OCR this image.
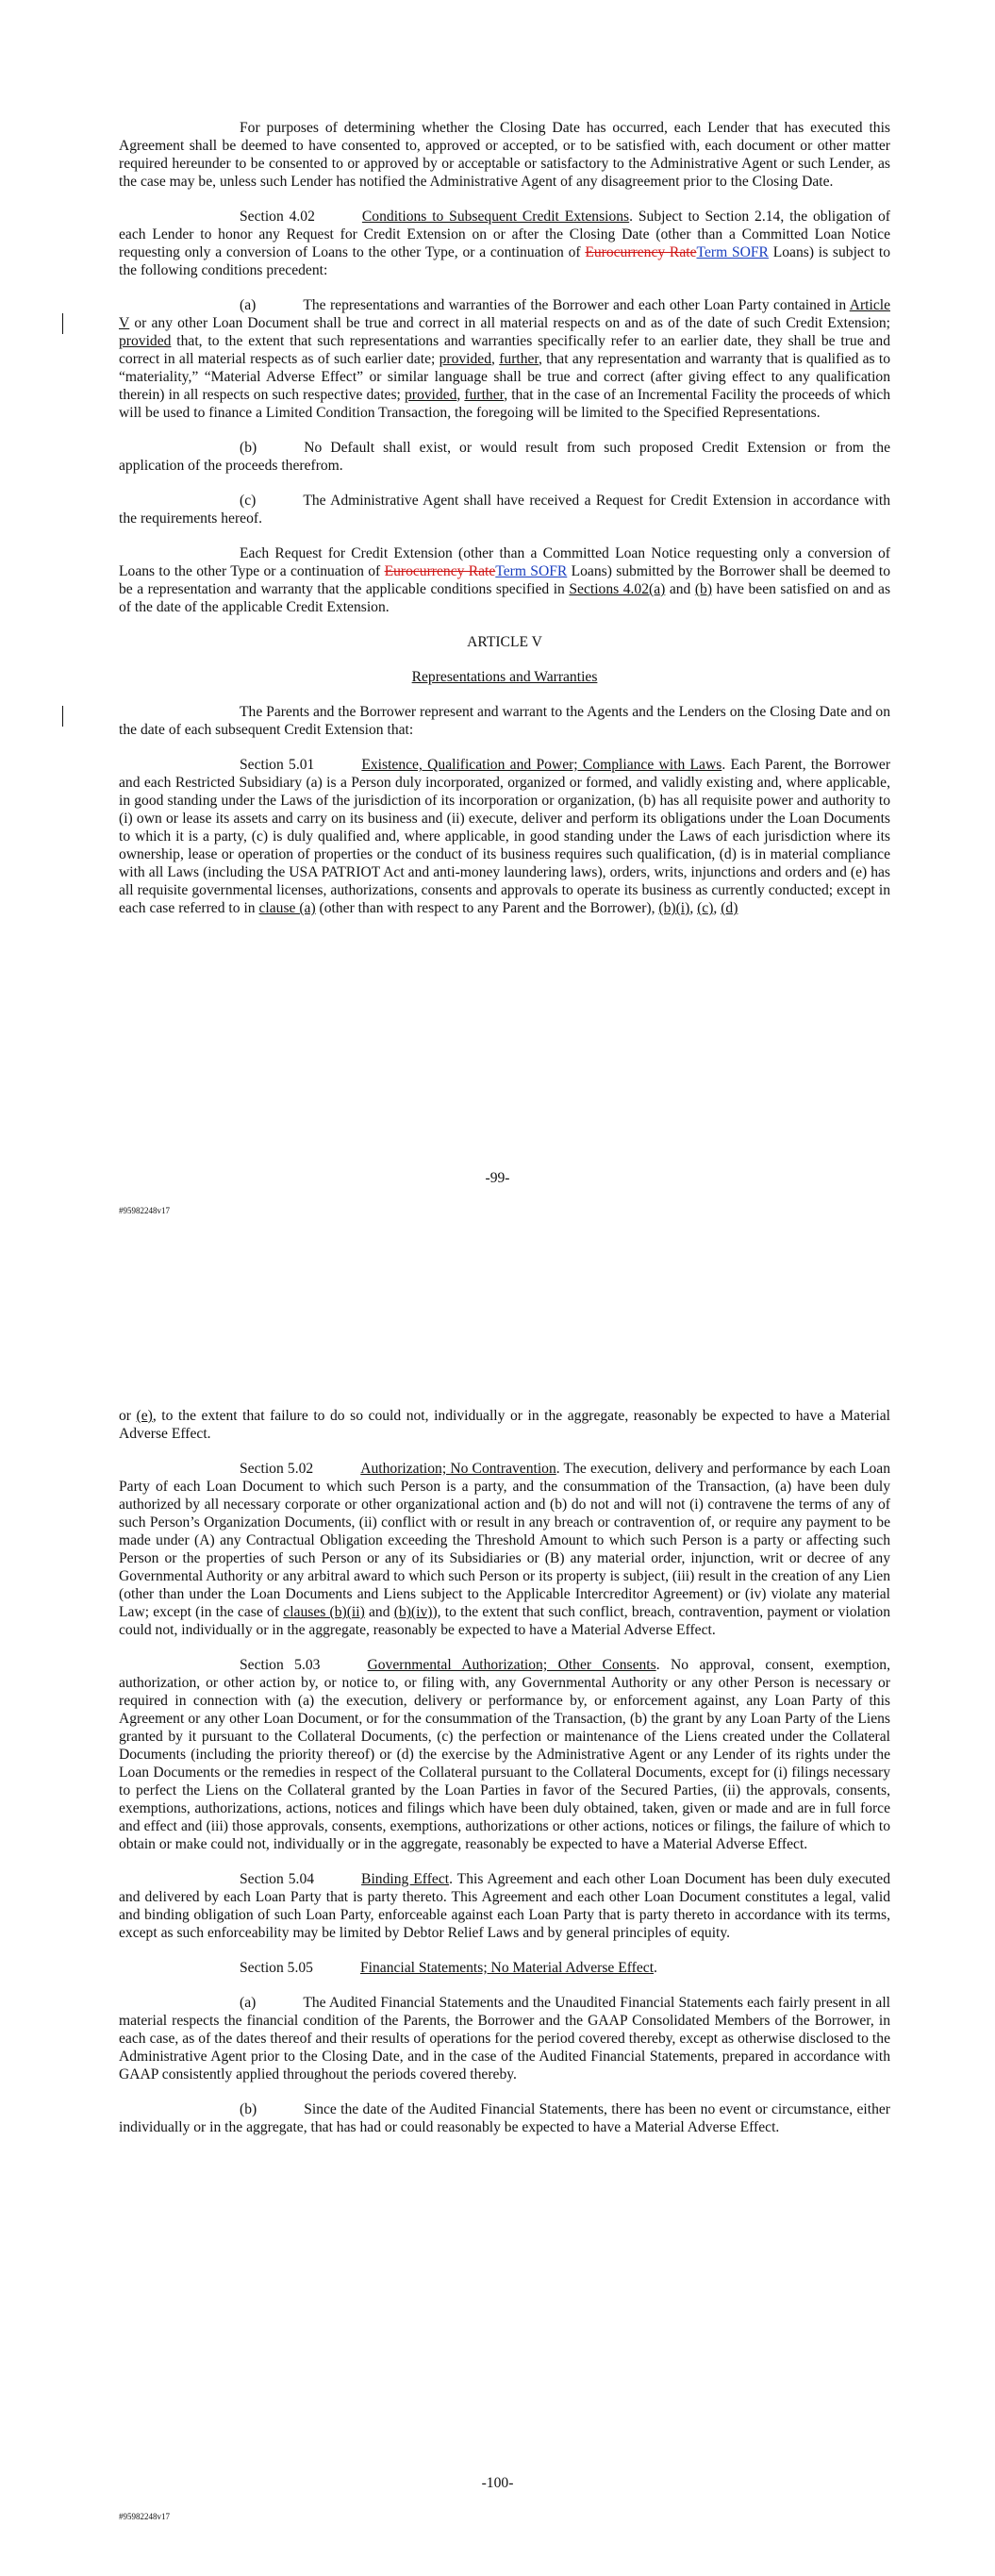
For purposes of determining whether the Closing Date has occurred, each Lender that has executed this Agreement shall be deemed to have consented to, approved or accepted, or to be satisfied with, each document or other matter required hereunder to be consented to or approved by or acceptable or satisfactory to the Administrative Agent or such Lender, as the case may be, unless such Lender has notified the Administrative Agent of any disagreement prior to the Closing Date.

Section 4.02	Conditions to Subsequent Credit Extensions. Subject to Section 2.14, the obligation of each Lender to honor any Request for Credit Extension on or after the Closing Date (other than a Committed Loan Notice requesting only a conversion of Loans to the other Type, or a continuation of Eurocurrency RateTerm SOFR Loans) is subject to the following conditions precedent:

(a)	The representations and warranties of the Borrower and each other Loan Party contained in Article V or any other Loan Document shall be true and correct in all material respects on and as of the date of such Credit Extension; provided that, to the extent that such representations and warranties specifically refer to an earlier date, they shall be true and correct in all material respects as of such earlier date; provided, further, that any representation and warranty that is qualified as to “materiality,” “Material Adverse Effect” or similar language shall be true and correct (after giving effect to any qualification therein) in all respects on such respective dates; provided, further, that in the case of an Incremental Facility the proceeds of which will be used to finance a Limited Condition Transaction, the foregoing will be limited to the Specified Representations.

(b)	No Default shall exist, or would result from such proposed Credit Extension or from the application of the proceeds therefrom.

(c)	The Administrative Agent shall have received a Request for Credit Extension in accordance with the requirements hereof.

Each Request for Credit Extension (other than a Committed Loan Notice requesting only a conversion of Loans to the other Type or a continuation of Eurocurrency RateTerm SOFR Loans) submitted by the Borrower shall be deemed to be a representation and warranty that the applicable conditions specified in Sections 4.02(a) and (b) have been satisfied on and as of the date of the applicable Credit Extension.

ARTICLE V

Representations and Warranties

The Parents and the Borrower represent and warrant to the Agents and the Lenders on the Closing Date and on the date of each subsequent Credit Extension that:

Section 5.01	Existence, Qualification and Power; Compliance with Laws. Each Parent, the Borrower and each Restricted Subsidiary (a) is a Person duly incorporated, organized or formed, and validly existing and, where applicable, in good standing under the Laws of the jurisdiction of its incorporation or organization, (b) has all requisite power and authority to (i) own or lease its assets and carry on its business and (ii) execute, deliver and perform its obligations under the Loan Documents to which it is a party, (c) is duly qualified and, where applicable, in good standing under the Laws of each jurisdiction where its ownership, lease or operation of properties or the conduct of its business requires such qualification, (d) is in material compliance with all Laws (including the USA PATRIOT Act and anti-money laundering laws), orders, writs, injunctions and orders and (e) has all requisite governmental licenses, authorizations, consents and approvals to operate its business as currently conducted; except in each case referred to in clause (a) (other than with respect to any Parent and the Borrower), (b)(i), (c), (d)

-99-
#95982248v17

or (e), to the extent that failure to do so could not, individually or in the aggregate, reasonably be expected to have a Material Adverse Effect.

Section 5.02	Authorization; No Contravention. The execution, delivery and performance by each Loan Party of each Loan Document to which such Person is a party, and the consummation of the Transaction, (a) have been duly authorized by all necessary corporate or other organizational action and (b) do not and will not (i) contravene the terms of any of such Person’s Organization Documents, (ii) conflict with or result in any breach or contravention of, or require any payment to be made under (A) any Contractual Obligation exceeding the Threshold Amount to which such Person is a party or affecting such Person or the properties of such Person or any of its Subsidiaries or (B) any material order, injunction, writ or decree of any Governmental Authority or any arbitral award to which such Person or its property is subject, (iii) result in the creation of any Lien (other than under the Loan Documents and Liens subject to the Applicable Intercreditor Agreement) or (iv) violate any material Law; except (in the case of clauses (b)(ii) and (b)(iv)), to the extent that such conflict, breach, contravention, payment or violation could not, individually or in the aggregate, reasonably be expected to have a Material Adverse Effect.

Section 5.03	Governmental Authorization; Other Consents. No approval, consent, exemption, authorization, or other action by, or notice to, or filing with, any Governmental Authority or any other Person is necessary or required in connection with (a) the execution, delivery or performance by, or enforcement against, any Loan Party of this Agreement or any other Loan Document, or for the consummation of the Transaction, (b) the grant by any Loan Party of the Liens granted by it pursuant to the Collateral Documents, (c) the perfection or maintenance of the Liens created under the Collateral Documents (including the priority thereof) or (d) the exercise by the Administrative Agent or any Lender of its rights under the Loan Documents or the remedies in respect of the Collateral pursuant to the Collateral Documents, except for (i) filings necessary to perfect the Liens on the Collateral granted by the Loan Parties in favor of the Secured Parties, (ii) the approvals, consents, exemptions, authorizations, actions, notices and filings which have been duly obtained, taken, given or made and are in full force and effect and (iii) those approvals, consents, exemptions, authorizations or other actions, notices or filings, the failure of which to obtain or make could not, individually or in the aggregate, reasonably be expected to have a Material Adverse Effect.

Section 5.04	Binding Effect. This Agreement and each other Loan Document has been duly executed and delivered by each Loan Party that is party thereto. This Agreement and each other Loan Document constitutes a legal, valid and binding obligation of such Loan Party, enforceable against each Loan Party that is party thereto in accordance with its terms, except as such enforceability may be limited by Debtor Relief Laws and by general principles of equity.

Section 5.05	Financial Statements; No Material Adverse Effect.

(a)	The Audited Financial Statements and the Unaudited Financial Statements each fairly present in all material respects the financial condition of the Parents, the Borrower and the GAAP Consolidated Members of the Borrower, in each case, as of the dates thereof and their results of operations for the period covered thereby, except as otherwise disclosed to the Administrative Agent prior to the Closing Date, and in the case of the Audited Financial Statements, prepared in accordance with GAAP consistently applied throughout the periods covered thereby.

(b)	Since the date of the Audited Financial Statements, there has been no event or circumstance, either individually or in the aggregate, that has had or could reasonably be expected to have a Material Adverse Effect.

-100-
#95982248v17
